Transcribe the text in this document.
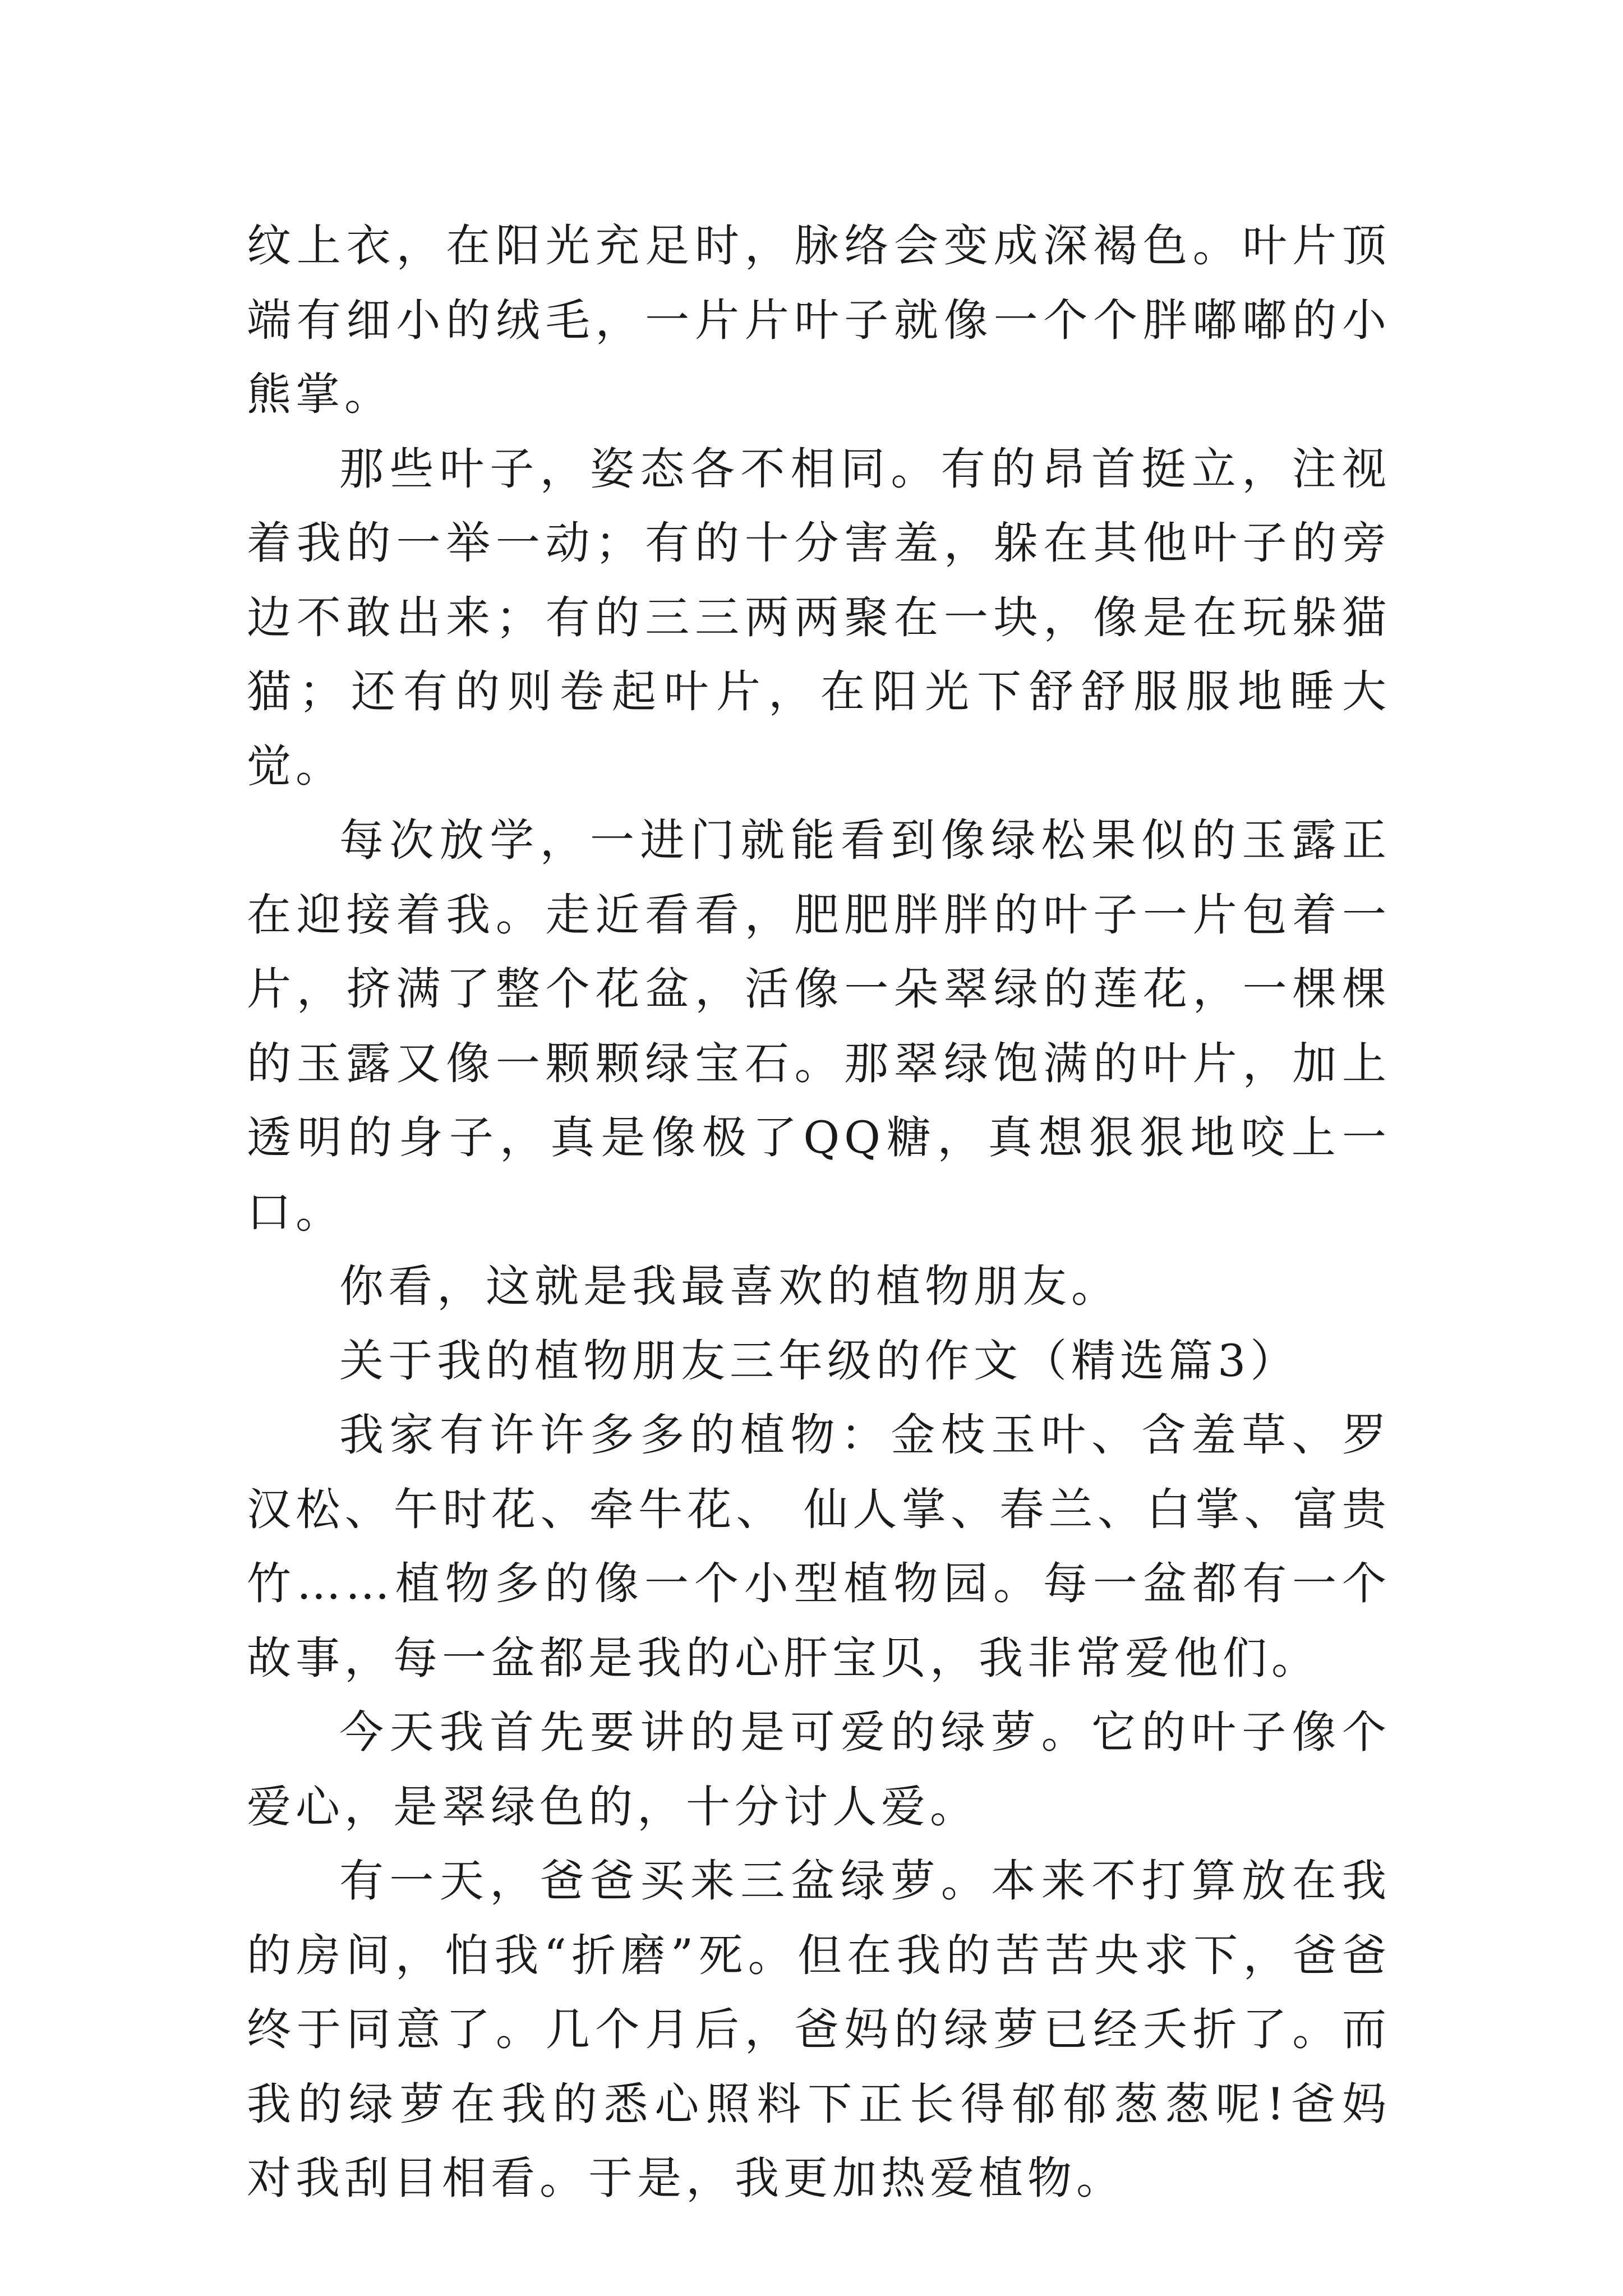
纹上衣，在阳光充足时，脉络会变成深褐色。叶片顶端有细小的绒毛，一片片叶子就像一个个胖嘟嘟的小熊掌。

那些叶子，姿态各不相同。有的昂首挺立，注视着我的一举一动；有的十分害羞，躲在其他叶子的旁边不敢出来；有的三三两两聚在一块，像是在玩躲猫猫；还有的则卷起叶片，在阳光下舒舒服服地睡大觉。

每次放学，一进门就能看到像绿松果似的玉露正在迎接着我。走近看看，肥肥胖胖的叶子一片包着一片，挤满了整个花盆，活像一朵翠绿的莲花，一棵棵的玉露又像一颗颗绿宝石。那翠绿饱满的叶片，加上透明的身子，真是像极了QQ糖，真想狠狠地咬上一口。

你看，这就是我最喜欢的植物朋友。

关于我的植物朋友三年级的作文（精选篇3）

我家有许许多多的植物：金枝玉叶、含羞草、罗汉松、午时花、牵牛花、 仙人掌、春兰、白掌、富贵竹……植物多的像一个小型植物园。每一盆都有一个故事，每一盆都是我的心肝宝贝，我非常爱他们。

今天我首先要讲的是可爱的绿萝。它的叶子像个爱心，是翠绿色的，十分讨人爱。

有一天，爸爸买来三盆绿萝。本来不打算放在我的房间，怕我“折磨”死。但在我的苦苦央求下，爸爸终于同意了。几个月后，爸妈的绿萝已经夭折了。而我的绿萝在我的悉心照料下正长得郁郁葱葱呢!爸妈对我刮目相看。于是，我更加热爱植物。
